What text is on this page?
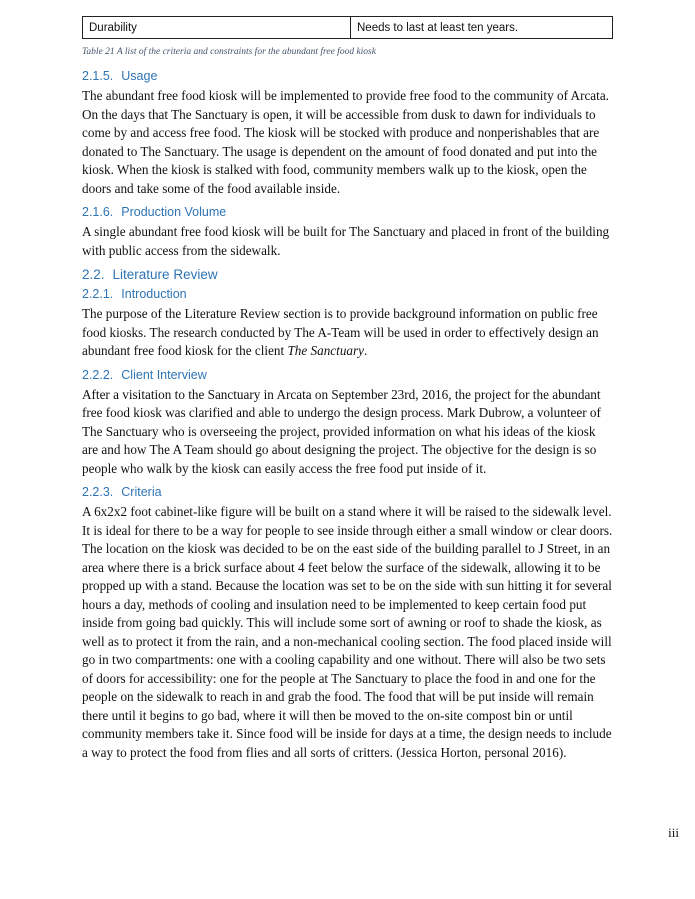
Durability	Needs to last at least ten years.
Table 21 A list of the criteria and constraints for the abundant free food kiosk
2.1.5. Usage

The abundant free food kiosk will be implemented to provide free food to the community of Arcata. On the days that The Sanctuary is open, it will be accessible from dusk to dawn for individuals to come by and access free food. The kiosk will be stocked with produce and nonperishables that are donated to The Sanctuary. The usage is dependent on the amount of food donated and put into the kiosk. When the kiosk is stalked with food, community members walk up to the kiosk, open the doors and take some of the food available inside.

2.1.6. Production Volume

A single abundant free food kiosk will be built for The Sanctuary and placed in front of the building with public access from the sidewalk.

2.2. Literature Review
2.2.1. Introduction

The purpose of the Literature Review section is to provide background information on public free food kiosks. The research conducted by The A-Team will be used in order to effectively design an abundant free food kiosk for the client The Sanctuary.

2.2.2. Client Interview

After a visitation to the Sanctuary in Arcata on September 23rd, 2016, the project for the abundant free food kiosk was clarified and able to undergo the design process. Mark Dubrow, a volunteer of The Sanctuary who is overseeing the project, provided information on what his ideas of the kiosk are and how The A Team should go about designing the project. The objective for the design is so people who walk by the kiosk can easily access the free food put inside of it.

2.2.3. Criteria

A 6x2x2 foot cabinet-like figure will be built on a stand where it will be raised to the sidewalk level. It is ideal for there to be a way for people to see inside through either a small window or clear doors. The location on the kiosk was decided to be on the east side of the building parallel to J Street, in an area where there is a brick surface about 4 feet below the surface of the sidewalk, allowing it to be propped up with a stand. Because the location was set to be on the side with sun hitting it for several hours a day, methods of cooling and insulation need to be implemented to keep certain food put inside from going bad quickly. This will include some sort of awning or roof to shade the kiosk, as well as to protect it from the rain, and a non-mechanical cooling section. The food placed inside will go in two compartments: one with a cooling capability and one without. There will also be two sets of doors for accessibility: one for the people at The Sanctuary to place the food in and one for the people on the sidewalk to reach in and grab the food. The food that will be put inside will remain there until it begins to go bad, where it will then be moved to the on-site compost bin or until community members take it. Since food will be inside for days at a time, the design needs to include a way to protect the food from flies and all sorts of critters. (Jessica Horton, personal 2016).

iii
